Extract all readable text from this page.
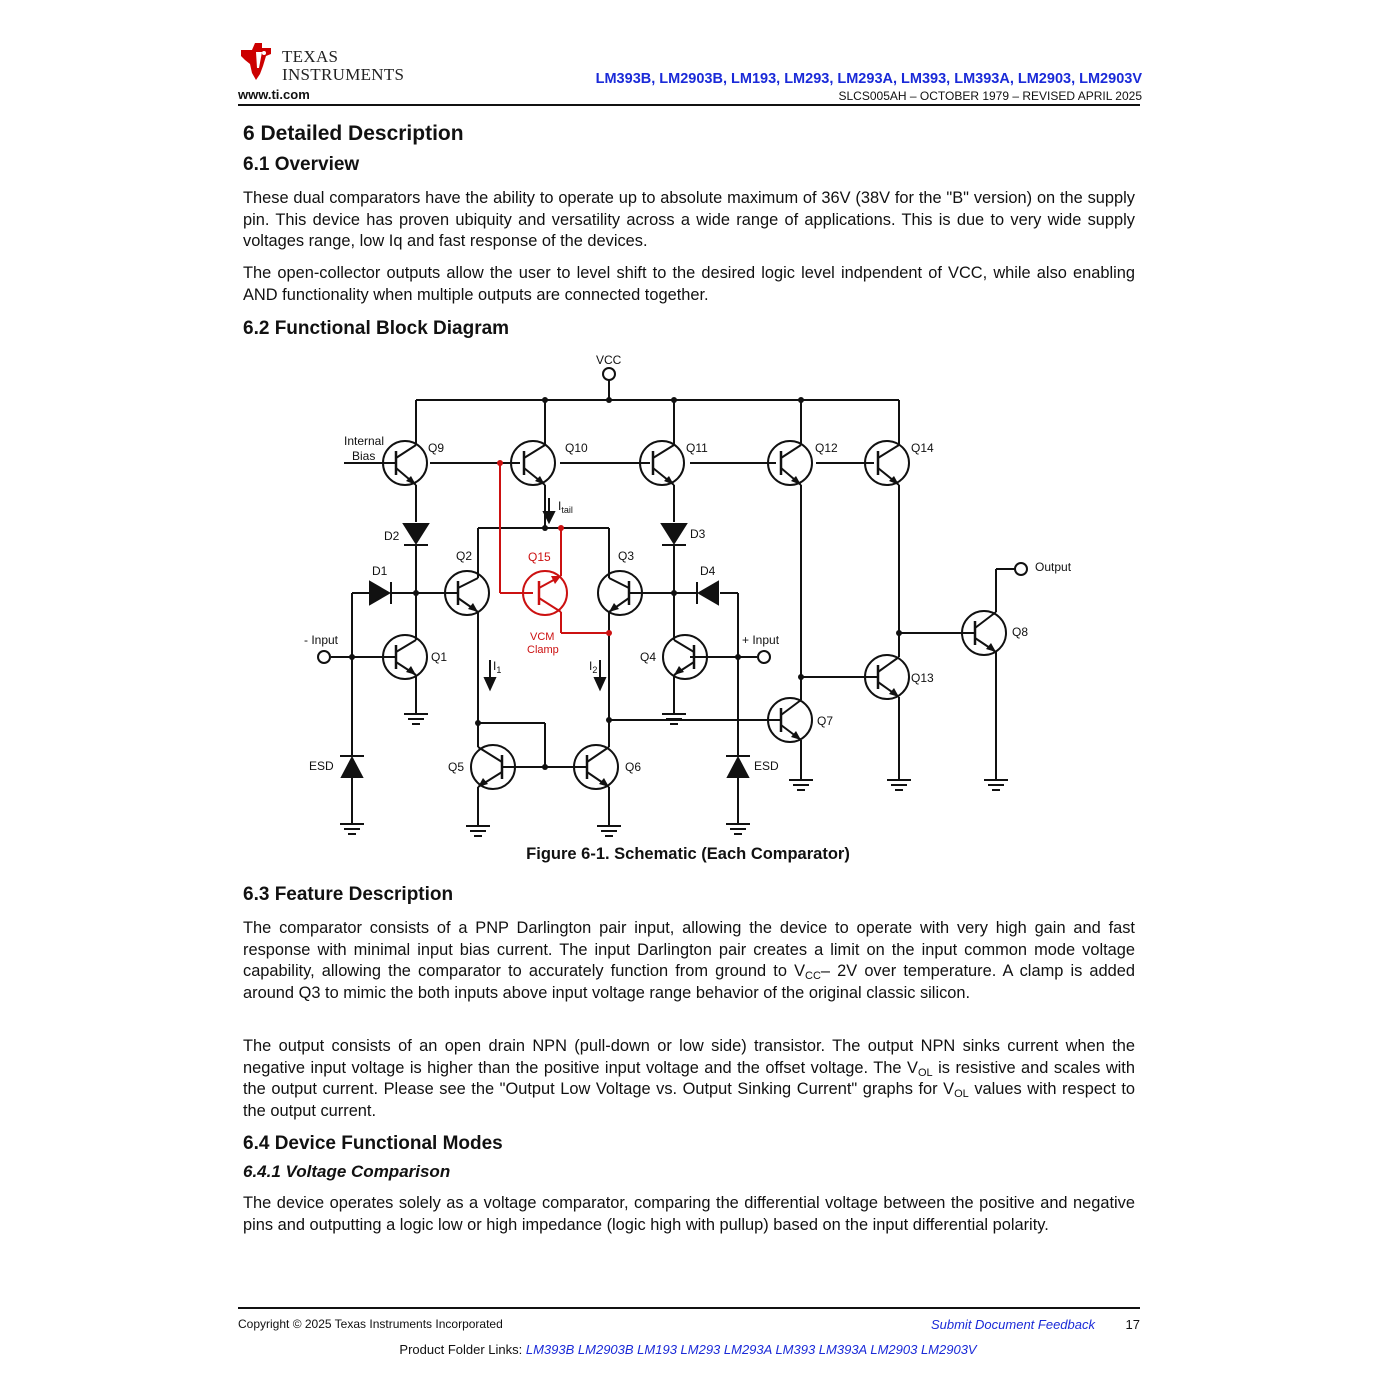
TEXAS
INSTRUMENTS
www.ti.com
LM393B, LM2903B, LM193, LM293, LM293A, LM393, LM393A, LM2903, LM2903V
SLCS005AH – OCTOBER 1979 – REVISED APRIL 2025
6 Detailed Description
6.1 Overview

These dual comparators have the ability to operate up to absolute maximum of 36V (38V for the "B" version) on the supply pin. This device has proven ubiquity and versatility across a wide range of applications. This is due to very wide supply voltages range, low Iq and fast response of the devices.

The open-collector outputs allow the user to level shift to the desired logic level indpendent of VCC, while also enabling AND functionality when multiple outputs are connected together.

6.2 Functional Block Diagram
VCC
Internal
Bias
Q9	Q10	Q11	Q12	Q14
D2	D3
D1	D4
Q2	Q3
Q1	Q4
Q5	Q6
Q7
Q13
Q8
- Input	+ Input
ESD	ESD
Output
$I_{tail}$
$I_1$	$I_2$
Q15
VCM
Clamp
Figure 6-1. Schematic (Each Comparator)
6.3 Feature Description

The comparator consists of a PNP Darlington pair input, allowing the device to operate with very high gain and fast response with minimal input bias current. The input Darlington pair creates a limit on the input common mode voltage capability, allowing the comparator to accurately function from ground to $V_{CC}-$ 2V over temperature. A clamp is added around Q3 to mimic the both inputs above input voltage range behavior of the original classic silicon.

The output consists of an open drain NPN (pull-down or low side) transistor. The output NPN sinks current when the negative input voltage is higher than the positive input voltage and the offset voltage. The $V_{OL}$ is resistive and scales with the output current. Please see the "Output Low Voltage vs. Output Sinking Current" graphs for $V_{OL}$ values with respect to the output current.

6.4 Device Functional Modes
6.4.1 Voltage Comparison

The device operates solely as a voltage comparator, comparing the differential voltage between the positive and negative pins and outputting a logic low or high impedance (logic high with pullup) based on the input differential polarity.

Copyright © 2025 Texas Instruments Incorporated	Submit Document Feedback 17
Product Folder Links: LM393B LM2903B LM193 LM293 LM293A LM393 LM393A LM2903 LM2903V
